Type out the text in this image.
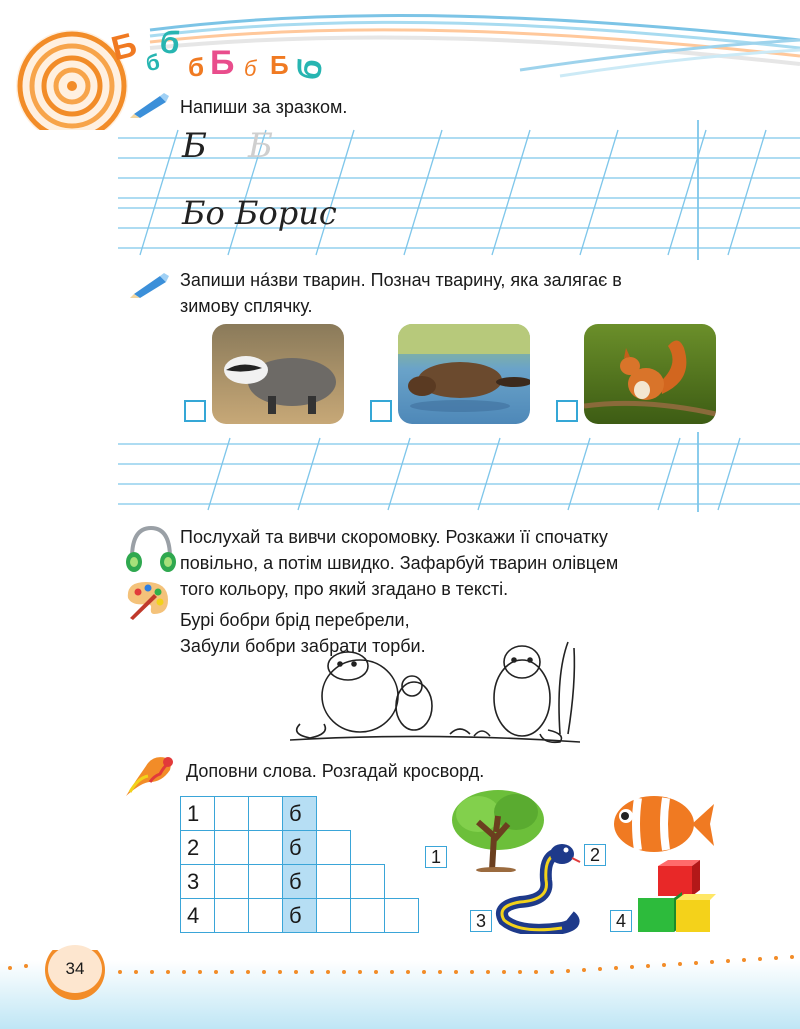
Б б
б
б Б б Б б
Напиши за зразком.
Б Б
Бо Борис
Запиши на́зви тварин. Познач тварину, яка залягає в
зимову сплячку.
Послухай та вивчи скоромовку. Розкажи її спочатку
повільно, а потім швидко. Зафарбуй тварин олівцем
того кольору, про який згадано в тексті.
Бурі бобри брід перебрели,
Забули бобри забрати торби.
Доповни слова. Розгадай кросворд.
1			б			

2			б			

3			б			

4			б			

1	2
3	4
34
